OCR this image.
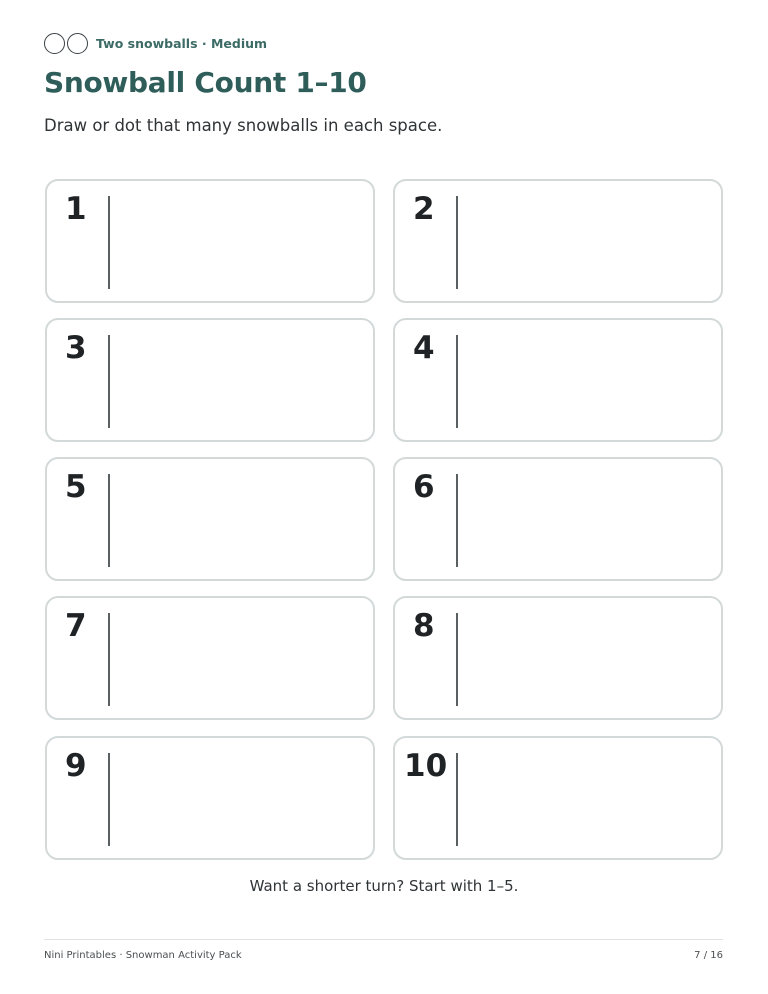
Two snowballs · Medium
Snowball Count 1–10

Draw or dot that many snowballs in each space.

1	2
3	4
5	6
7	8
9	10

Want a shorter turn? Start with 1–5.

Nini Printables · Snowman Activity Pack	7 / 16
